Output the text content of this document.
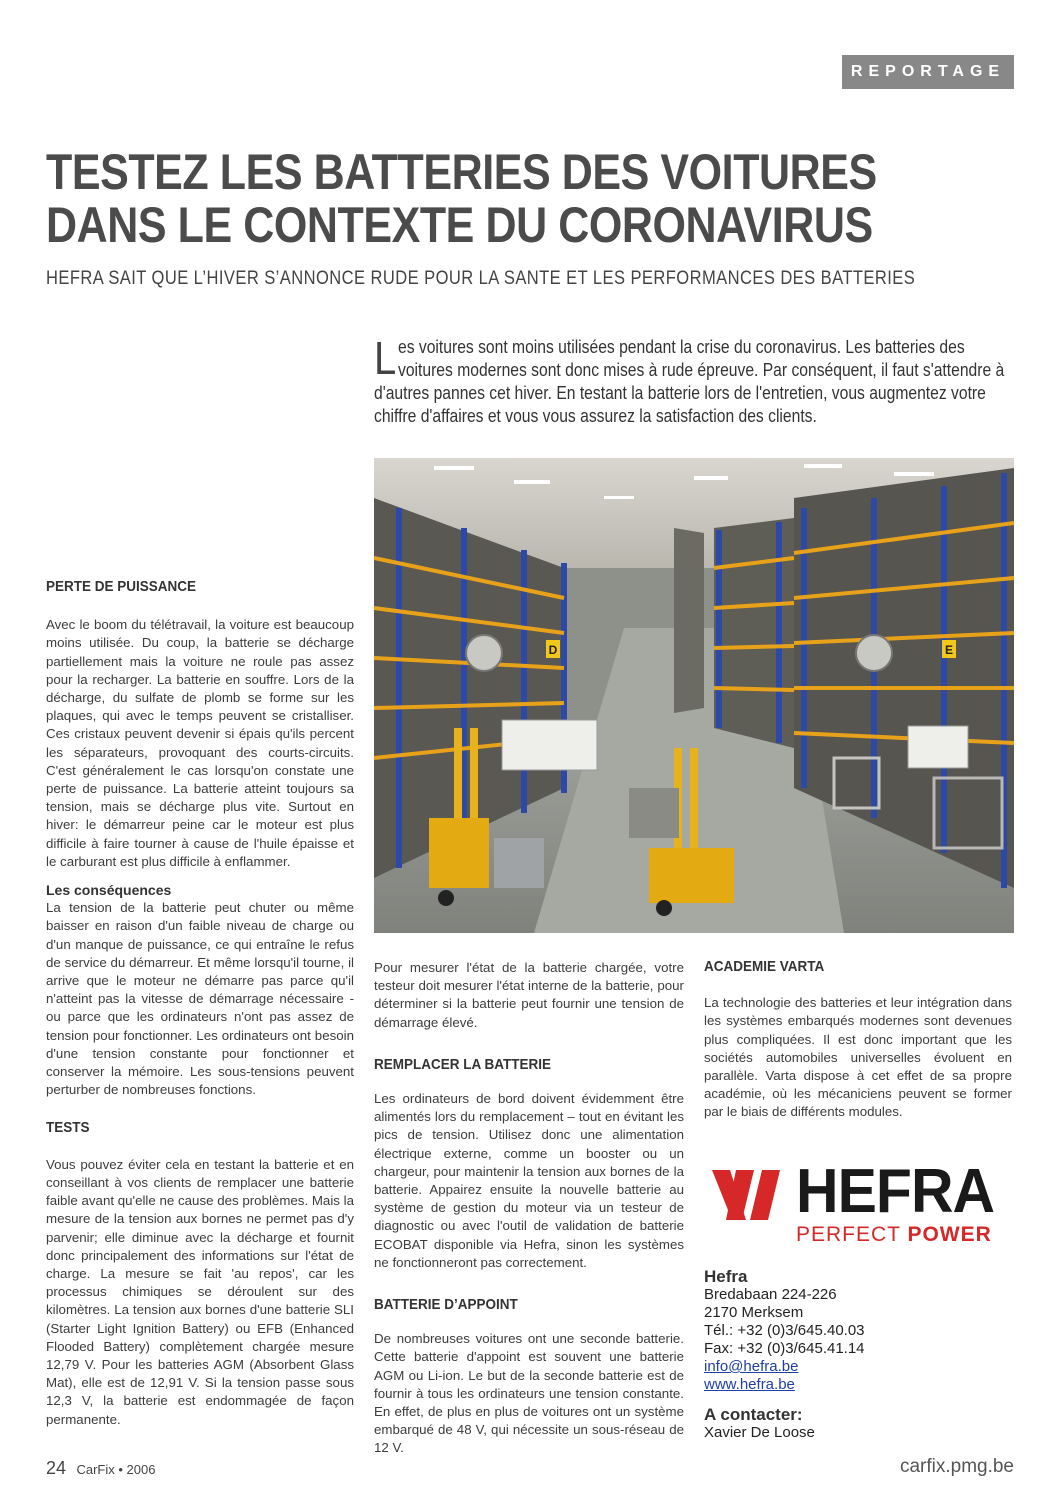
REPORTAGE
TESTEZ LES BATTERIES DES VOITURES
DANS LE CONTEXTE DU CORONAVIRUS
HEFRA SAIT QUE L’HIVER S’ANNONCE RUDE POUR LA SANTE ET LES PERFORMANCES DES BATTERIES
Les voitures sont moins utilisées pendant la crise du coronavirus. Les batteries des voitures modernes sont donc mises à rude épreuve. Par conséquent, il faut s'attendre à d'autres pannes cet hiver. En testant la batterie lors de l'entretien, vous augmentez votre chiffre d'affaires et vous vous assurez la satisfaction des clients.
D	E
PERTE DE PUISSANCE

Avec le boom du télétravail, la voiture est beaucoup moins utilisée. Du coup, la batterie se décharge partiellement mais la voiture ne roule pas assez pour la recharger. La batterie en souffre. Lors de la décharge, du sulfate de plomb se forme sur les plaques, qui avec le temps peuvent se cristalliser. Ces cristaux peuvent devenir si épais qu'ils percent les séparateurs, provoquant des courts-circuits. C'est généralement le cas lorsqu'on constate une perte de puissance. La batterie atteint toujours sa tension, mais se décharge plus vite. Surtout en hiver: le démarreur peine car le moteur est plus difficile à faire tourner à cause de l'huile épaisse et le carburant est plus difficile à enflammer.

Les conséquences

La tension de la batterie peut chuter ou même baisser en raison d'un faible niveau de charge ou d'un manque de puissance, ce qui entraîne le refus de service du démarreur. Et même lorsqu'il tourne, il arrive que le moteur ne démarre pas parce qu'il n'atteint pas la vitesse de démarrage nécessaire - ou parce que les ordinateurs n'ont pas assez de tension pour fonctionner. Les ordinateurs ont besoin d'une tension constante pour fonctionner et conserver la mémoire. Les sous-tensions peuvent perturber de nombreuses fonctions.

TESTS

Vous pouvez éviter cela en testant la batterie et en conseillant à vos clients de remplacer une batterie faible avant qu'elle ne cause des problèmes. Mais la mesure de la tension aux bornes ne permet pas d'y parvenir; elle diminue avec la décharge et fournit donc principalement des informations sur l'état de charge. La mesure se fait 'au repos', car les processus chimiques se déroulent sur des kilomètres. La tension aux bornes d'une batterie SLI (Starter Light Ignition Battery) ou EFB (Enhanced Flooded Battery) complètement chargée mesure 12,79 V. Pour les batteries AGM (Absorbent Glass Mat), elle est de 12,91 V. Si la tension passe sous 12,3 V, la batterie est endommagée de façon permanente.

Pour mesurer l'état de la batterie chargée, votre testeur doit mesurer l'état interne de la batterie, pour déterminer si la batterie peut fournir une tension de démarrage élevé.

REMPLACER LA BATTERIE

Les ordinateurs de bord doivent évidemment être alimentés lors du remplacement – tout en évitant les pics de tension. Utilisez donc une alimentation électrique externe, comme un booster ou un chargeur, pour maintenir la tension aux bornes de la batterie. Appairez ensuite la nouvelle batterie au système de gestion du moteur via un testeur de diagnostic ou avec l'outil de validation de batterie ECOBAT disponible via Hefra, sinon les systèmes ne fonctionneront pas correctement.

BATTERIE D’APPOINT

De nombreuses voitures ont une seconde batterie. Cette batterie d'appoint est souvent une batterie AGM ou Li-ion. Le but de la seconde batterie est de fournir à tous les ordinateurs une tension constante. En effet, de plus en plus de voitures ont un système embarqué de 48 V, qui nécessite un sous-réseau de 12 V.

ACADEMIE VARTA

La technologie des batteries et leur intégration dans les systèmes embarqués modernes sont devenues plus compliquées. Il est donc important que les sociétés automobiles universelles évoluent en parallèle. Varta dispose à cet effet de sa propre académie, où les mécaniciens peuvent se former par le biais de différents modules.

HEFRA
PERFECT POWER
Hefra
Bredabaan 224-226
2170 Merksem
Tél.: +32 (0)3/645.40.03
Fax: +32 (0)3/645.41.14
info@hefra.be
www.hefra.be
A contacter:
Xavier De Loose
24 CarFix • 2006	carfix.pmg.be
